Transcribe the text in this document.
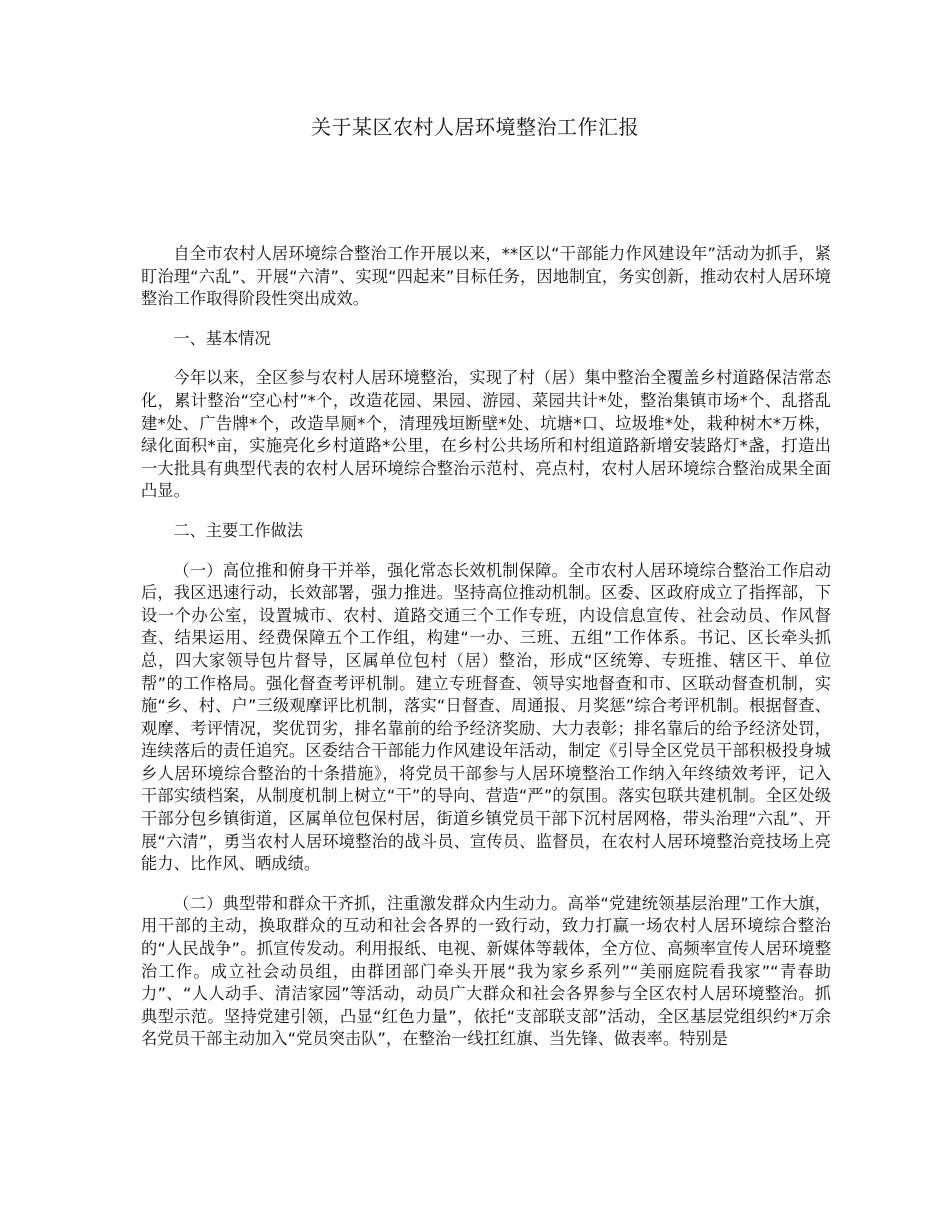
关于某区农村人居环境整治工作汇报

自全市农村人居环境综合整治工作开展以来，**区以“干部能力作风建设年”活动为抓手，紧盯治理“六乱”、开展“六清”、实现“四起来”目标任务，因地制宜，务实创新，推动农村人居环境整治工作取得阶段性突出成效。

一、基本情况

今年以来，全区参与农村人居环境整治，实现了村（居）集中整治全覆盖乡村道路保洁常态化，累计整治“空心村”*个，改造花园、果园、游园、菜园共计*处，整治集镇市场*个、乱搭乱建*处、广告牌*个，改造旱厕*个，清理残垣断壁*处、坑塘*口、垃圾堆*处，栽种树木*万株，绿化面积*亩，实施亮化乡村道路*公里，在乡村公共场所和村组道路新增安装路灯*盏，打造出一大批具有典型代表的农村人居环境综合整治示范村、亮点村，农村人居环境综合整治成果全面凸显。

二、主要工作做法

（一）高位推和俯身干并举，强化常态长效机制保障。全市农村人居环境综合整治工作启动后，我区迅速行动，长效部署，强力推进。坚持高位推动机制。区委、区政府成立了指挥部，下设一个办公室，设置城市、农村、道路交通三个工作专班，内设信息宣传、社会动员、作风督查、结果运用、经费保障五个工作组，构建“一办、三班、五组”工作体系。书记、区长牵头抓总，四大家领导包片督导，区属单位包村（居）整治，形成“区统筹、专班推、辖区干、单位帮”的工作格局。强化督查考评机制。建立专班督查、领导实地督查和市、区联动督查机制，实施“乡、村、户”三级观摩评比机制，落实“日督查、周通报、月奖惩”综合考评机制。根据督查、观摩、考评情况，奖优罚劣，排名靠前的给予经济奖励、大力表彰；排名靠后的给予经济处罚，连续落后的责任追究。区委结合干部能力作风建设年活动，制定《引导全区党员干部积极投身城乡人居环境综合整治的十条措施》，将党员干部参与人居环境整治工作纳入年终绩效考评，记入干部实绩档案，从制度机制上树立“干”的导向、营造“严”的氛围。落实包联共建机制。全区处级干部分包乡镇街道，区属单位包保村居，街道乡镇党员干部下沉村居网格，带头治理“六乱”、开展“六清”，勇当农村人居环境整治的战斗员、宣传员、监督员，在农村人居环境整治竞技场上亮能力、比作风、晒成绩。

（二）典型带和群众干齐抓，注重激发群众内生动力。高举“党建统领基层治理”工作大旗，用干部的主动，换取群众的互动和社会各界的一致行动，致力打赢一场农村人居环境综合整治的“人民战争”。抓宣传发动。利用报纸、电视、新媒体等载体，全方位、高频率宣传人居环境整治工作。成立社会动员组，由群团部门牵头开展“我为家乡系列”“美丽庭院看我家”“青春助力”、“人人动手、清洁家园”等活动，动员广大群众和社会各界参与全区农村人居环境整治。抓典型示范。坚持党建引领，凸显“红色力量”，依托“支部联支部”活动，全区基层党组织约*万余名党员干部主动加入“党员突击队”，在整治一线扛红旗、当先锋、做表率。特别是
